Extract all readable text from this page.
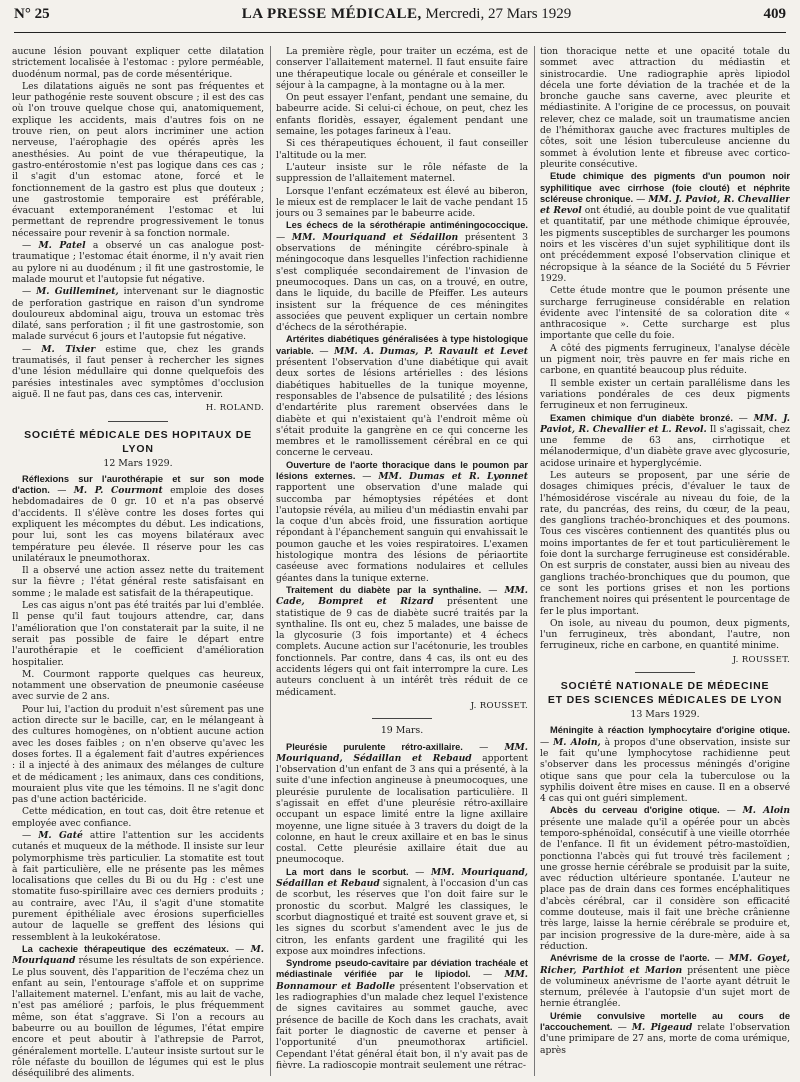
N° 25	LA PRESSE MÉDICALE, Mercredi, 27 Mars 1929	409

aucune lésion pouvant expliquer cette dilatation strictement localisée à l'estomac : pylore perméable, duodénum normal, pas de corde mésentérique.

Les dilatations aiguës ne sont pas fréquentes et leur pathogénie reste souvent obscure ; il est des cas où l'on trouve quelque chose qui, anatomiquement, explique les accidents, mais d'autres fois on ne trouve rien, on peut alors incriminer une action nerveuse, l'aérophagie des opérés après les anesthésies. Au point de vue thérapeutique, la gastro-entérostomie n'est pas logique dans ces cas ; il s'agit d'un estomac atone, forcé et le fonctionnement de la gastro est plus que douteux ; une gastrostomie temporaire est préférable, évacuant extemporanément l'estomac et lui permettant de reprendre progressivement le tonus nécessaire pour revenir à sa fonction normale.

— M. Patel a observé un cas analogue post-traumatique ; l'estomac était énorme, il n'y avait rien au pylore ni au duodénum ; il fit une gastrostomie, le malade mourut et l'autopsie fut négative.

— M. Guilleminet, intervenant sur le diagnostic de perforation gastrique en raison d'un syndrome douloureux abdominal aigu, trouva un estomac très dilaté, sans perforation ; il fit une gastrostomie, son malade survécut 6 jours et l'autopsie fut négative.

— M. Tixier estime que, chez les grands traumatisés, il faut penser à rechercher les signes d'une lésion médullaire qui donne quelquefois des parésies intestinales avec symptômes d'occlusion aiguë. Il ne faut pas, dans ces cas, intervenir.

H. ROLAND.

SOCIÉTÉ MÉDICALE DES HOPITAUX DE LYON
12 Mars 1929.

Réflexions sur l'aurothérapie et sur son mode d'action. — M. P. Courmont emploie des doses hebdomadaires de 0 gr. 10 et n'a pas observé d'accidents. Il s'élève contre les doses fortes qui expliquent les mécomptes du début. Les indications, pour lui, sont les cas moyens bilatéraux avec température peu élevée. Il réserve pour les cas unilatéraux le pneumothorax.

Il a observé une action assez nette du traitement sur la fièvre ; l'état général reste satisfaisant en somme ; le malade est satisfait de la thérapeutique.

Les cas aigus n'ont pas été traités par lui d'emblée. Il pense qu'il faut toujours attendre, car, dans l'amélioration que l'on constaterait par la suite, il ne serait pas possible de faire le départ entre l'aurothérapie et le coefficient d'amélioration hospitalier.

M. Courmont rapporte quelques cas heureux, notamment une observation de pneumonie caséeuse avec survie de 2 ans.

Pour lui, l'action du produit n'est sûrement pas une action directe sur le bacille, car, en le mélangeant à des cultures homogènes, on n'obtient aucune action avec les doses faibles ; on n'en observe qu'avec les doses fortes. Il a également fait d'autres expériences : il a injecté à des animaux des mélanges de culture et de médicament ; les animaux, dans ces conditions, mouraient plus vite que les témoins. Il ne s'agit donc pas d'une action bactéricide.

Cette médication, en tout cas, doit être retenue et employée avec confiance.

— M. Gaté attire l'attention sur les accidents cutanés et muqueux de la méthode. Il insiste sur leur polymorphisme très particulier. La stomatite est tout à fait particulière, elle ne présente pas les mêmes localisations que celles du Bi ou du Hg : c'est une stomatite fuso-spirillaire avec ces derniers produits ; au contraire, avec l'Au, il s'agit d'une stomatite purement épithéliale avec érosions superficielles autour de laquelle se greffent des lésions qui ressemblent à la leukokératose.

La cachexie thérapeutique des eczémateux. — M. Mouriquand résume les résultats de son expérience. Le plus souvent, dès l'apparition de l'eczéma chez un enfant au sein, l'entourage s'affole et on supprime l'allaitement maternel. L'enfant, mis au lait de vache, n'est pas amélioré ; parfois, le plus fréquemment même, son état s'aggrave. Si l'on a recours au babeurre ou au bouillon de légumes, l'état empire encore et peut aboutir à l'athrepsie de Parrot, généralement mortelle. L'auteur insiste surtout sur le rôle néfaste du bouillon de légumes qui est le plus déséquilibré des aliments.

La première règle, pour traiter un eczéma, est de conserver l'allaitement maternel. Il faut ensuite faire une thérapeutique locale ou générale et conseiller le séjour à la campagne, à la montagne ou à la mer.

On peut essayer l'enfant, pendant une semaine, du babeurre acide. Si celui-ci échoue, on peut, chez les enfants floridès, essayer, également pendant une semaine, les potages farineux à l'eau.

Si ces thérapeutiques échouent, il faut conseiller l'altitude ou la mer.

L'auteur insiste sur le rôle néfaste de la suppression de l'allaitement maternel.

Lorsque l'enfant eczémateux est élevé au biberon, le mieux est de remplacer le lait de vache pendant 15 jours ou 3 semaines par le babeurre acide.

Les échecs de la sérothérapie antiméningococcique. — MM. Mouriquand et Sédaillon présentent 3 observations de méningite cérébro-spinale à méningocoque dans lesquelles l'infection rachidienne s'est compliquée secondairement de l'invasion de pneumocoques. Dans un cas, on a trouvé, en outre, dans le liquide, du bacille de Pfeiffer. Les auteurs insistent sur la fréquence de ces méningites associées que peuvent expliquer un certain nombre d'échecs de la sérothérapie.

Artérites diabétiques généralisées à type histologique variable. — MM. A. Dumas, P. Ravault et Levet présentent l'observation d'une diabétique qui avait deux sortes de lésions artérielles : des lésions diabétiques habituelles de la tunique moyenne, responsables de l'absence de pulsatilité ; des lésions d'endartérite plus rarement observées dans le diabète et qui n'existaient qu'à l'endroit même où s'était produite la gangrène en ce qui concerne les membres et le ramollissement cérébral en ce qui concerne le cerveau.

Ouverture de l'aorte thoracique dans le poumon par lésions externes. — MM. Dumas et R. Lyonnet rapportent une observation d'une malade qui succomba par hémoptysies répétées et dont l'autopsie révéla, au milieu d'un médiastin envahi par la coque d'un abcès froid, une fissuration aortique répondant à l'épanchement sanguin qui envahissait le poumon gauche et les voies respiratoires. L'examen histologique montra des lésions de périaortite caséeuse avec formations nodulaires et cellules géantes dans la tunique externe.

Traitement du diabète par la synthaline. — MM. Cade, Bompret et Rizard présentent une statistique de 9 cas de diabète sucré traités par la synthaline. Ils ont eu, chez 5 malades, une baisse de la glycosurie (3 fois importante) et 4 échecs complets. Aucune action sur l'acétonurie, les troubles fonctionnels. Par contre, dans 4 cas, ils ont eu des accidents légers qui ont fait interrompre la cure. Les auteurs concluent à un intérêt très réduit de ce médicament.

J. ROUSSET.

19 Mars.

Pleurésie purulente rétro-axillaire. — MM. Mouriquand, Sédaillan et Rebaud apportent l'observation d'un enfant de 3 ans qui a présenté, à la suite d'une infection angineuse à pneumocoques, une pleurésie purulente de localisation particulière. Il s'agissait en effet d'une pleurésie rétro-axillaire occupant un espace limité entre la ligne axillaire moyenne, une ligne située à 3 travers du doigt de la colonne, en haut le creux axillaire et en bas le sinus costal. Cette pleurésie axillaire était due au pneumocoque.

La mort dans le scorbut. — MM. Mouriquand, Sédaillan et Rebaud signalent, à l'occasion d'un cas de scorbut, les réserves que l'on doit faire sur le pronostic du scorbut. Malgré les classiques, le scorbut diagnostiqué et traité est souvent grave et, si les signes du scorbut s'amendent avec le jus de citron, les enfants gardent une fragilité qui les expose aux moindres infections.

Syndrome pseudo-cavitaire par déviation trachéale et médiastinale vérifiée par le lipiodol. — MM. Bonnamour et Badolle présentent l'observation et les radiographies d'un malade chez lequel l'existence de signes cavitaires au sommet gauche, avec présence de bacille de Koch dans les crachats, avait fait porter le diagnostic de caverne et penser à l'opportunité d'un pneumothorax artificiel. Cependant l'état général était bon, il n'y avait pas de fièvre. La radioscopie montrait seulement une rétrac-

tion thoracique nette et une opacité totale du sommet avec attraction du médiastin et sinistrocardie. Une radiographie après lipiodol décela une forte déviation de la trachée et de la bronche gauche sans caverne, avec pleurite et médiastinite. A l'origine de ce processus, on pouvait relever, chez ce malade, soit un traumatisme ancien de l'hémithorax gauche avec fractures multiples de côtes, soit une lésion tuberculeuse ancienne du sommet à évolution lente et fibreuse avec cortico-pleurite consécutive.

Etude chimique des pigments d'un poumon noir syphilitique avec cirrhose (foie clouté) et néphrite scléreuse chronique. — MM. J. Paviot, R. Chevallier et Revol ont étudié, au double point de vue qualitatif et quantitatif, par une méthode chimique éprouvée, les pigments susceptibles de surcharger les poumons noirs et les viscères d'un sujet syphilitique dont ils ont précédemment exposé l'observation clinique et nécropsique à la séance de la Société du 5 Février 1929.

Cette étude montre que le poumon présente une surcharge ferrugineuse considérable en relation évidente avec l'intensité de sa coloration dite « anthracosique ». Cette surcharge est plus importante que celle du foie.

A côté des pigments ferrugineux, l'analyse décèle un pigment noir, très pauvre en fer mais riche en carbone, en quantité beaucoup plus réduite.

Il semble exister un certain parallélisme dans les variations pondérales de ces deux pigments ferrugineux et non ferrugineux.

Examen chimique d'un diabète bronzé. — MM. J. Paviot, R. Chevallier et L. Revol. Il s'agissait, chez une femme de 63 ans, cirrhotique et mélanodermique, d'un diabète grave avec glycosurie, acidose urinaire et hyperglycémie.

Les auteurs se proposent, par une série de dosages chimiques précis, d'évaluer le taux de l'hémosidérose viscérale au niveau du foie, de la rate, du pancréas, des reins, du cœur, de la peau, des ganglions trachéo-bronchiques et des poumons. Tous ces viscères contiennent des quantités plus ou moins importantes de fer et tout particulièrement le foie dont la surcharge ferrugineuse est considérable. On est surpris de constater, aussi bien au niveau des ganglions trachéo-bronchiques que du poumon, que ce sont les portions grises et non les portions franchement noires qui présentent le pourcentage de fer le plus important.

On isole, au niveau du poumon, deux pigments, l'un ferrugineux, très abondant, l'autre, non ferrugineux, riche en carbone, en quantité minime.

J. ROUSSET.

SOCIÉTÉ NATIONALE DE MÉDECINE
ET DES SCIENCES MÉDICALES DE LYON
13 Mars 1929.

Méningite à réaction lymphocytaire d'origine otique. — M. Aloin, à propos d'une observation, insiste sur le fait qu'une lymphocytose rachidienne peut s'observer dans les processus méningés d'origine otique sans que pour cela la tuberculose ou la syphilis doivent être mises en cause. Il en a observé 4 cas qui ont guéri simplement.

Abcès du cerveau d'origine otique. — M. Aloin présente une malade qu'il a opérée pour un abcès temporo-sphénoïdal, consécutif à une vieille otorrhée de l'enfance. Il fit un évidement pétro-mastoïdien, ponctionna l'abcès qui fut trouvé très facilement ; une grosse hernie cérébrale se produisit par la suite, avec réduction ultérieure spontanée. L'auteur ne place pas de drain dans ces formes encéphalitiques d'abcès cérébral, car il considère son efficacité comme douteuse, mais il fait une brèche crânienne très large, laisse la hernie cérébrale se produire et, par incision progressive de la dure-mère, aide à sa réduction.

Anévrisme de la crosse de l'aorte. — MM. Goyet, Richer, Parthiot et Marion présentent une pièce de volumineux anévrisme de l'aorte ayant détruit le sternum, prélevée à l'autopsie d'un sujet mort de hernie étranglée.

Urémie convulsive mortelle au cours de l'accouchement. — M. Pigeaud relate l'observation d'une primipare de 27 ans, morte de coma urémique, après
